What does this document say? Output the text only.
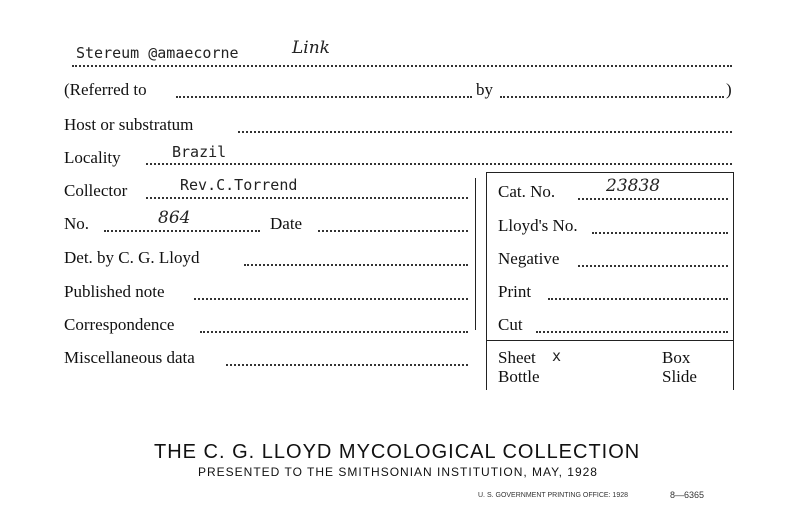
Stereum @amaecorne	Link
(Referred to	by	)
Host or substratum
Locality	Brazil
Collector	Rev.C.Torrend
No.	864	Date
Det. by C. G. Lloyd
Published note
Correspondence
Miscellaneous data
Cat. No.	23838
Lloyd's No.
Negative
Print
Cut
Sheet x	Box
Bottle	Slide
THE C. G. LLOYD MYCOLOGICAL COLLECTION
PRESENTED TO THE SMITHSONIAN INSTITUTION, MAY, 1928
U. S. GOVERNMENT PRINTING OFFICE: 1928	8—6365
